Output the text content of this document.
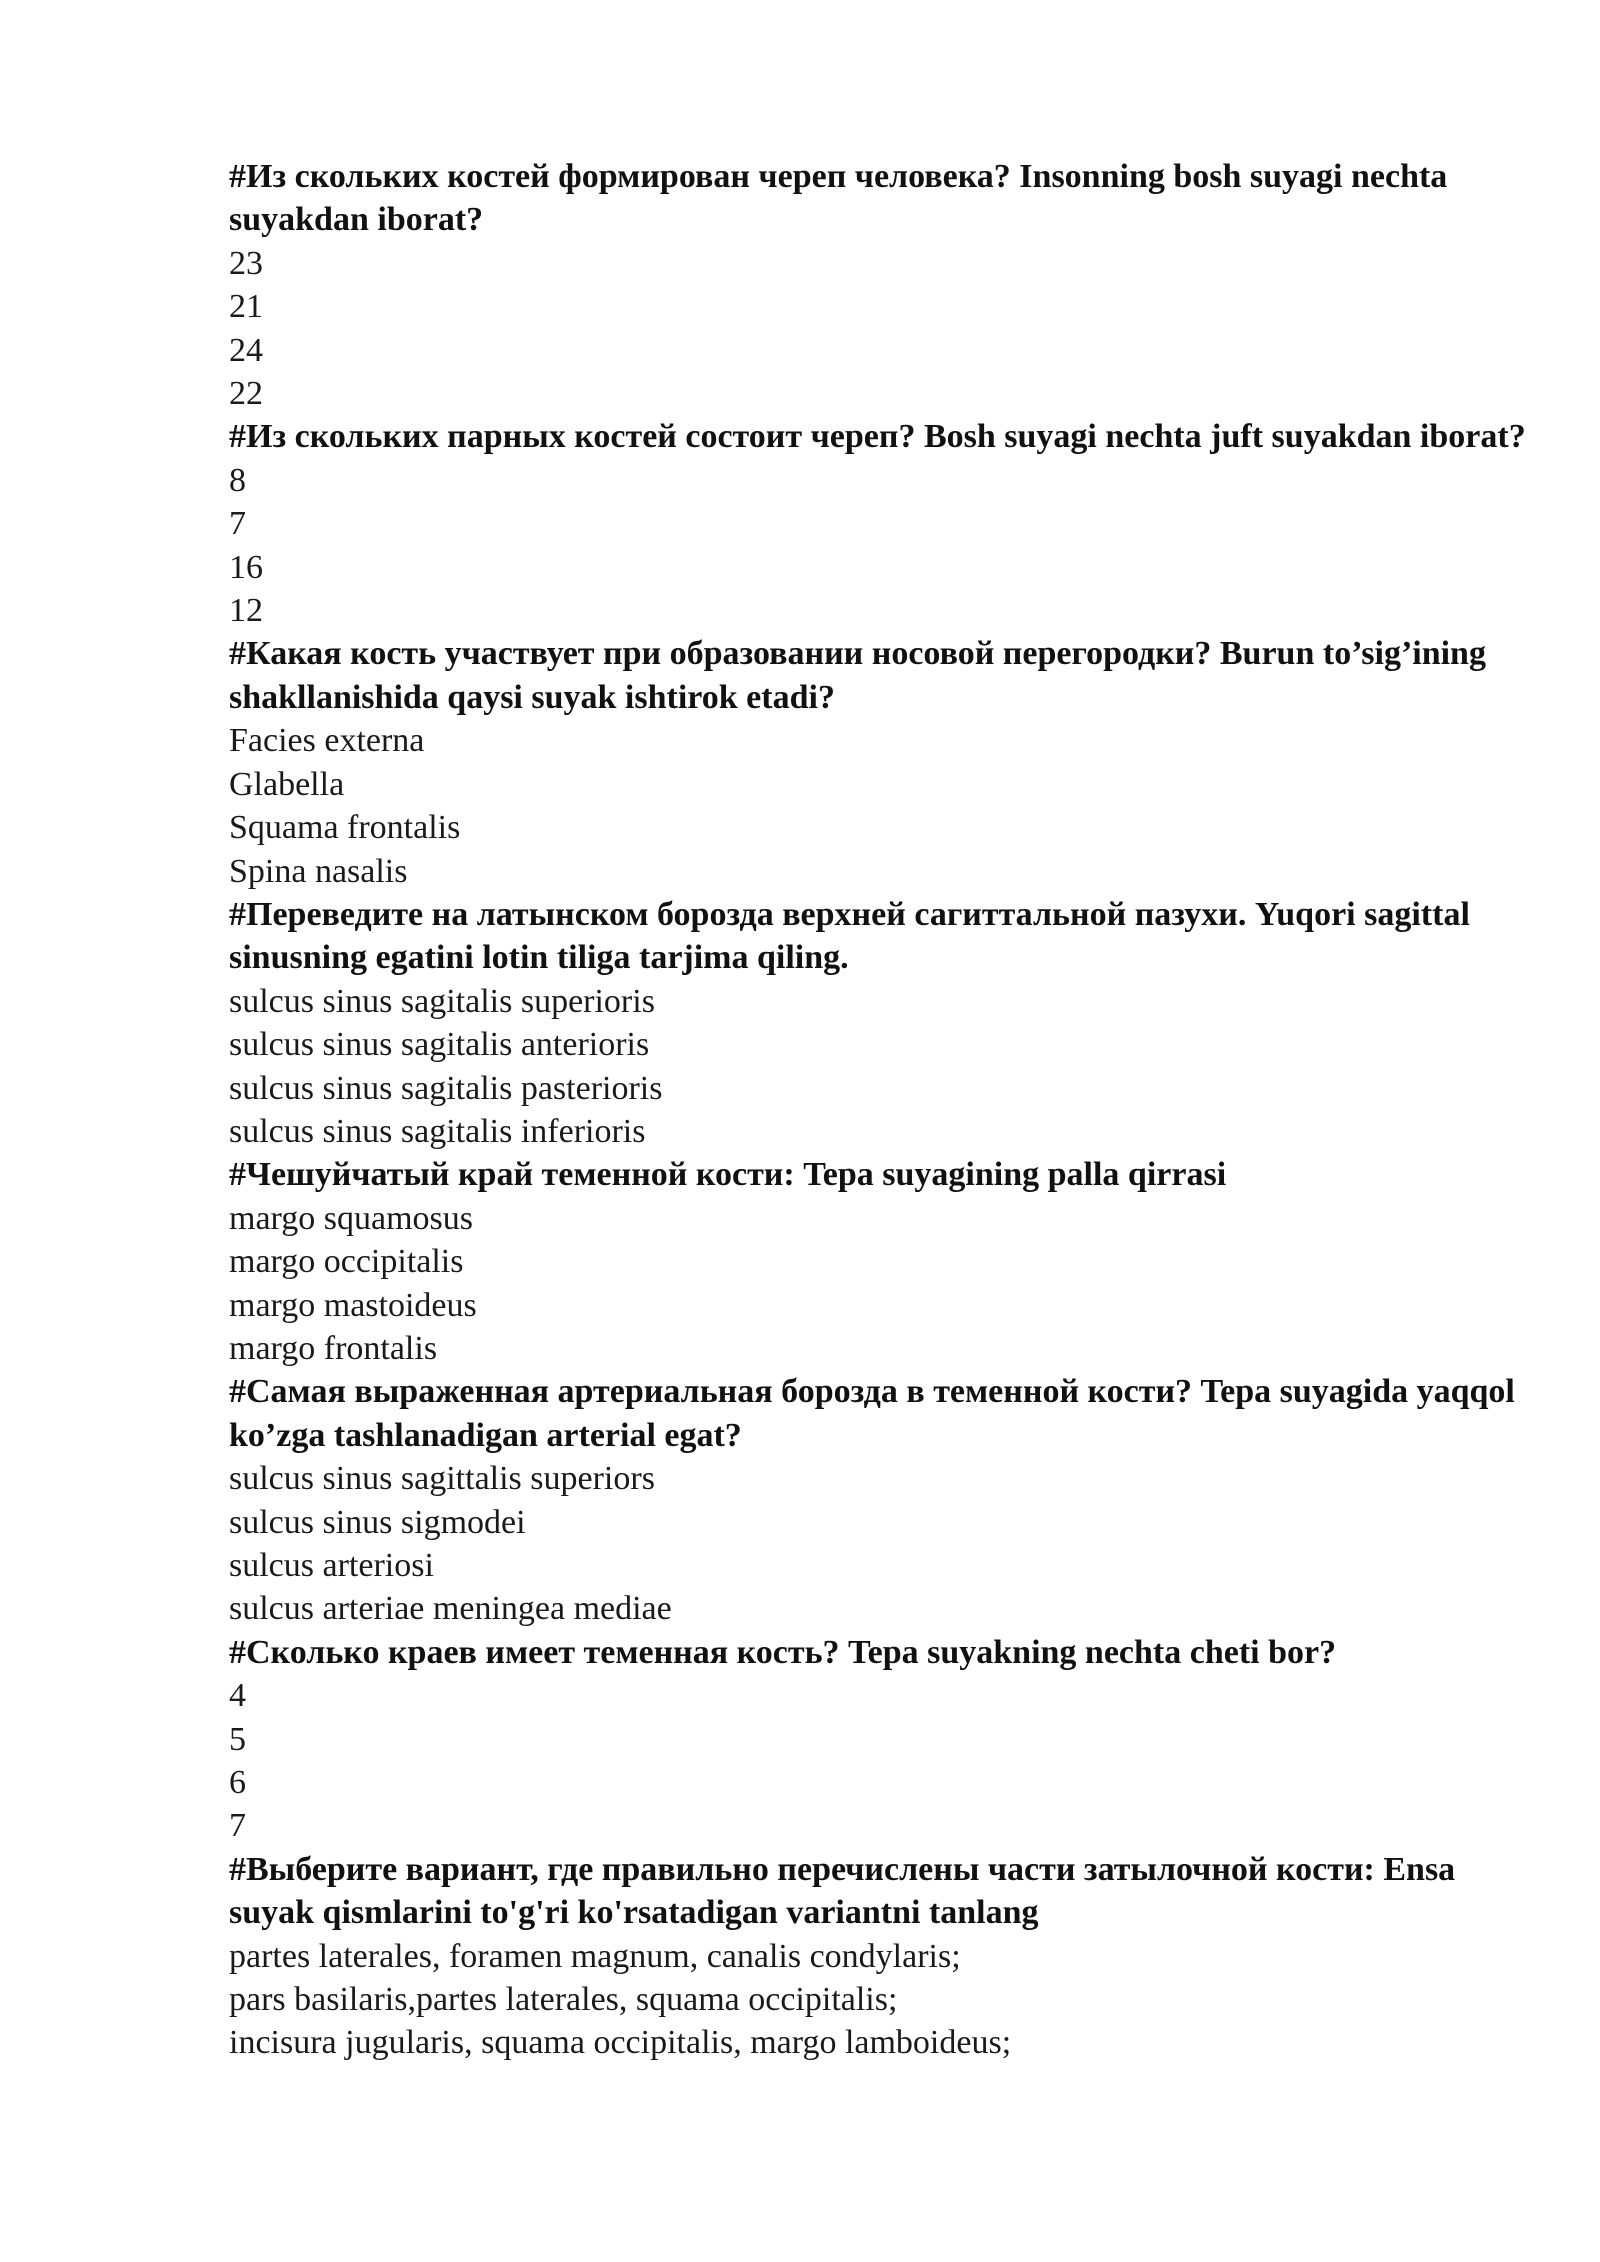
#Из скольких костей формирован череп человека? Insonning bosh suyagi nechta suyakdan iborat?

23

21

24

22

#Из скольких парных костей состоит череп? Bosh suyagi nechta juft suyakdan iborat?

8

7

16

12

#Какая кость участвует при образовании носовой перегородки? Burun to’sig’ining shakllanishida qaysi suyak ishtirok etadi?

Facies externa

Glabella

Squama frontalis

Spina nasalis

#Переведите на латынском борозда верхней сагиттальной пазухи. Yuqori sagittal sinusning egatini lotin tiliga tarjima qiling.

sulcus sinus sagitalis superioris

sulcus sinus sagitalis anterioris

sulcus sinus sagitalis pasterioris

sulcus sinus sagitalis inferioris

#Чешуйчатый край теменной кости: Tepa suyagining palla qirrasi

margo squamosus

margo occipitalis

margo mastoideus

margo frontalis

#Самая выраженная артериальная борозда в теменной кости? Tepa suyagida yaqqol ko’zga tashlanadigan arterial egat?

sulcus sinus sagittalis superiors

sulcus sinus sigmodei

sulcus arteriosi

sulcus arteriae meningea mediae

#Сколько краев имеет теменная кость? Tepa suyakning nechta cheti bor?

4

5

6

7

#Выберите вариант, где правильно перечислены части затылочной кости: Ensa suyak qismlarini to'g'ri ko'rsatadigan variantni tanlang

partes laterales, foramen magnum, canalis condylaris;

pars basilaris,partes laterales, squama occipitalis;

incisura jugularis, squama occipitalis, margo lamboideus;
